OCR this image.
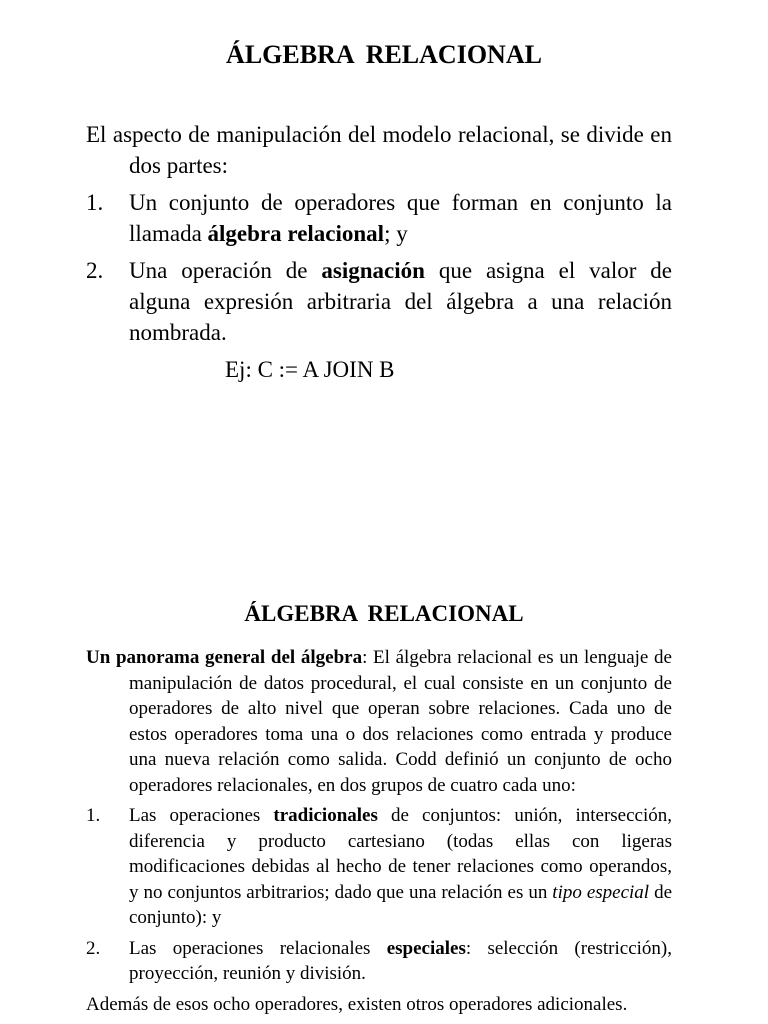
ÁLGEBRA RELACIONAL

El aspecto de manipulación del modelo relacional, se divide en dos partes:

1. Un conjunto de operadores que forman en conjunto la llamada álgebra relacional; y
2. Una operación de asignación que asigna el valor de alguna expresión arbitraria del álgebra a una relación nombrada.

Ej: C := A JOIN B

ÁLGEBRA RELACIONAL

Un panorama general del álgebra: El álgebra relacional es un lenguaje de manipulación de datos procedural, el cual consiste en un conjunto de operadores de alto nivel que operan sobre relaciones. Cada uno de estos operadores toma una o dos relaciones como entrada y produce una nueva relación como salida. Codd definió un conjunto de ocho operadores relacionales, en dos grupos de cuatro cada uno:

1. Las operaciones tradicionales de conjuntos: unión, intersección, diferencia y producto cartesiano (todas ellas con ligeras modificaciones debidas al hecho de tener relaciones como operandos, y no conjuntos arbitrarios; dado que una relación es un tipo especial de conjunto): y
2. Las operaciones relacionales especiales: selección (restricción), proyección, reunión y división.

Además de esos ocho operadores, existen otros operadores adicionales.
